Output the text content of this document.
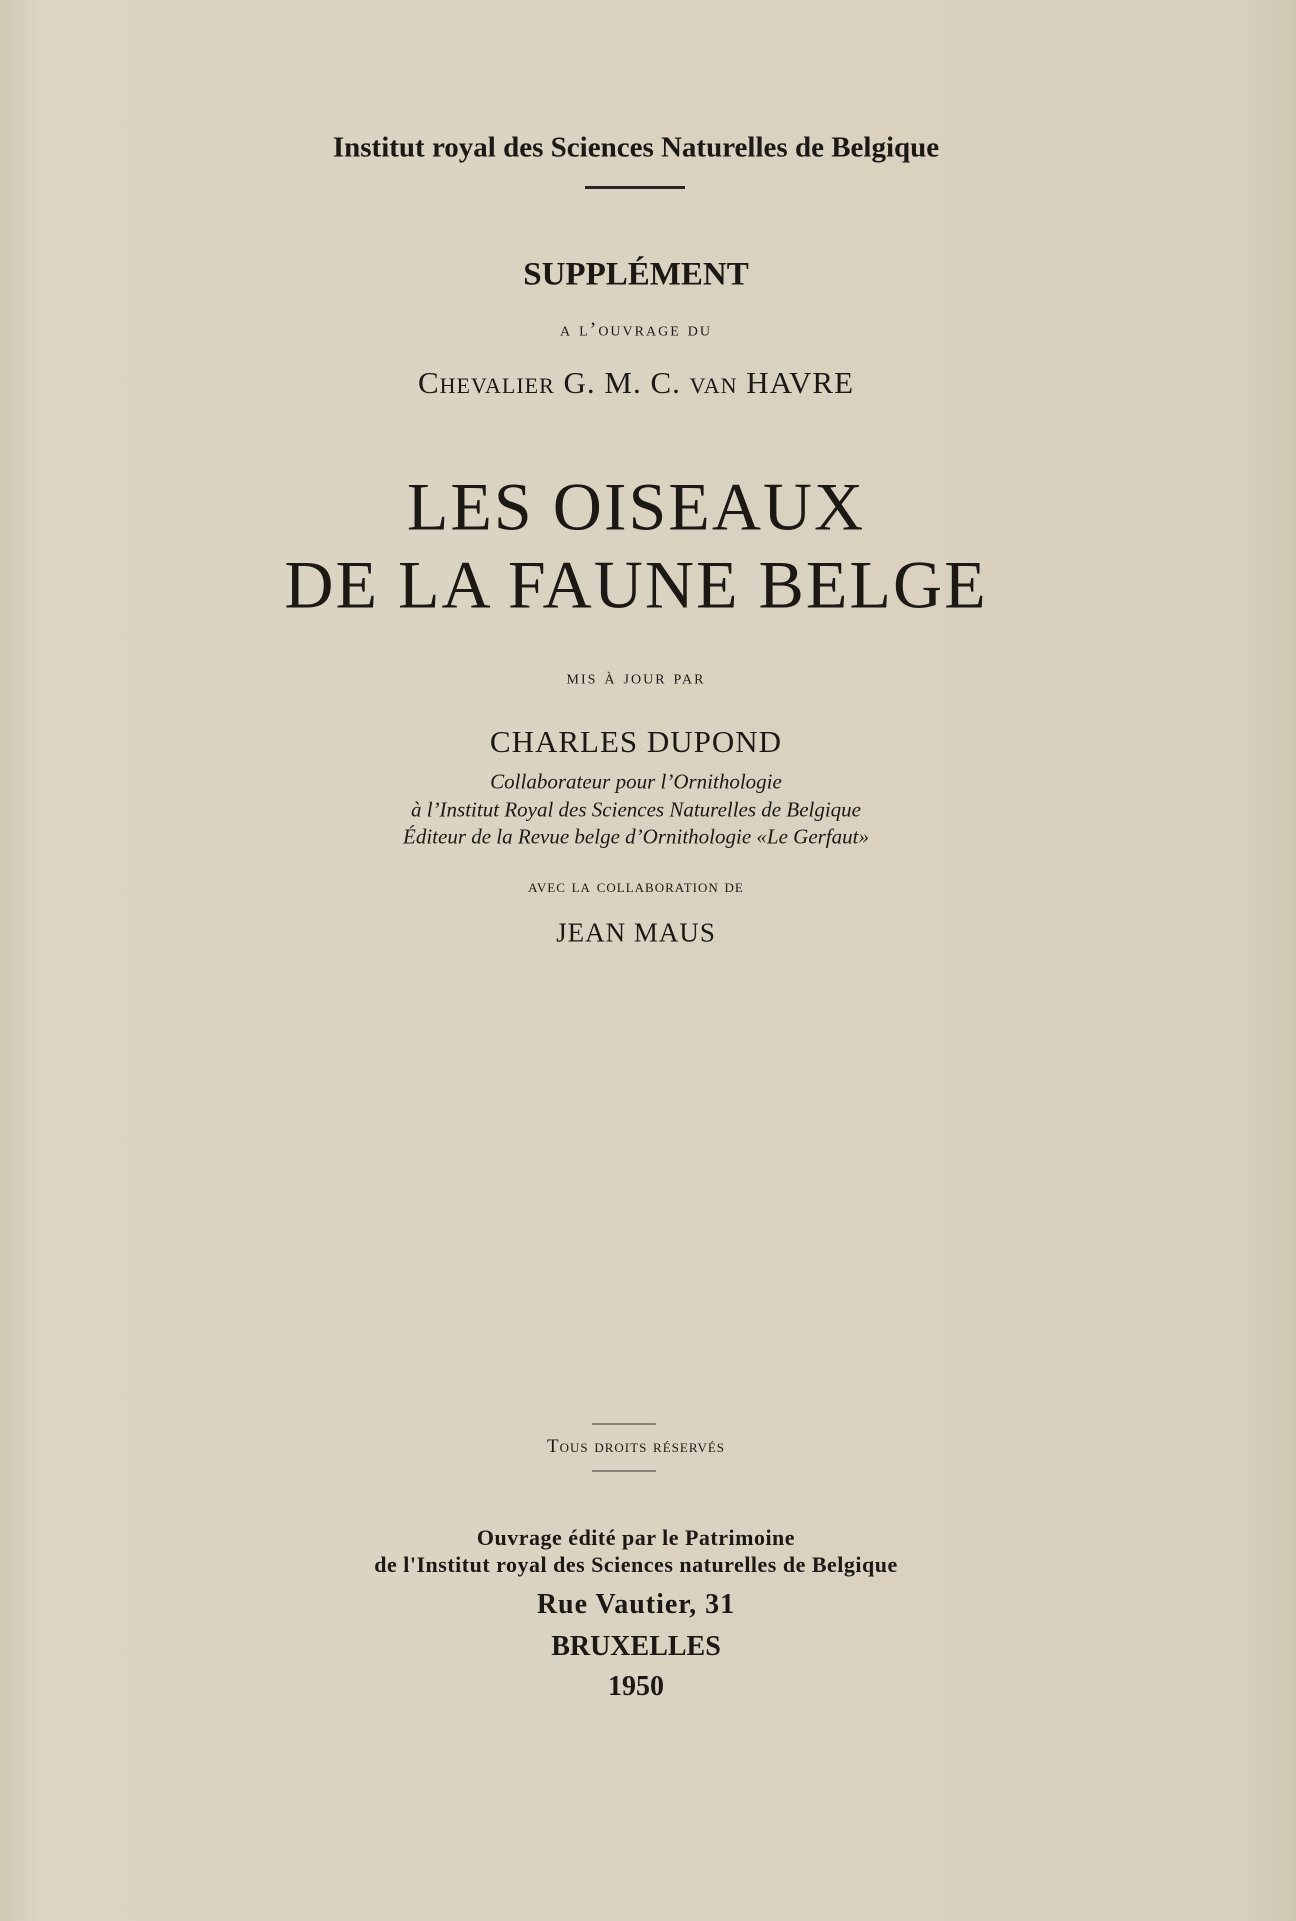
Institut royal des Sciences Naturelles de Belgique
SUPPLÉMENT
a l’ouvrage du
Chevalier G. M. C. van HAVRE
LES OISEAUX
DE LA FAUNE BELGE
mis à jour par
CHARLES DUPOND
Collaborateur pour l’Ornithologie
à l’Institut Royal des Sciences Naturelles de Belgique
Éditeur de la Revue belge d’Ornithologie «Le Gerfaut»
avec la collaboration de
JEAN MAUS
Tous droits réservés
Ouvrage édité par le Patrimoine
de l'Institut royal des Sciences naturelles de Belgique
Rue Vautier, 31
BRUXELLES
1950
